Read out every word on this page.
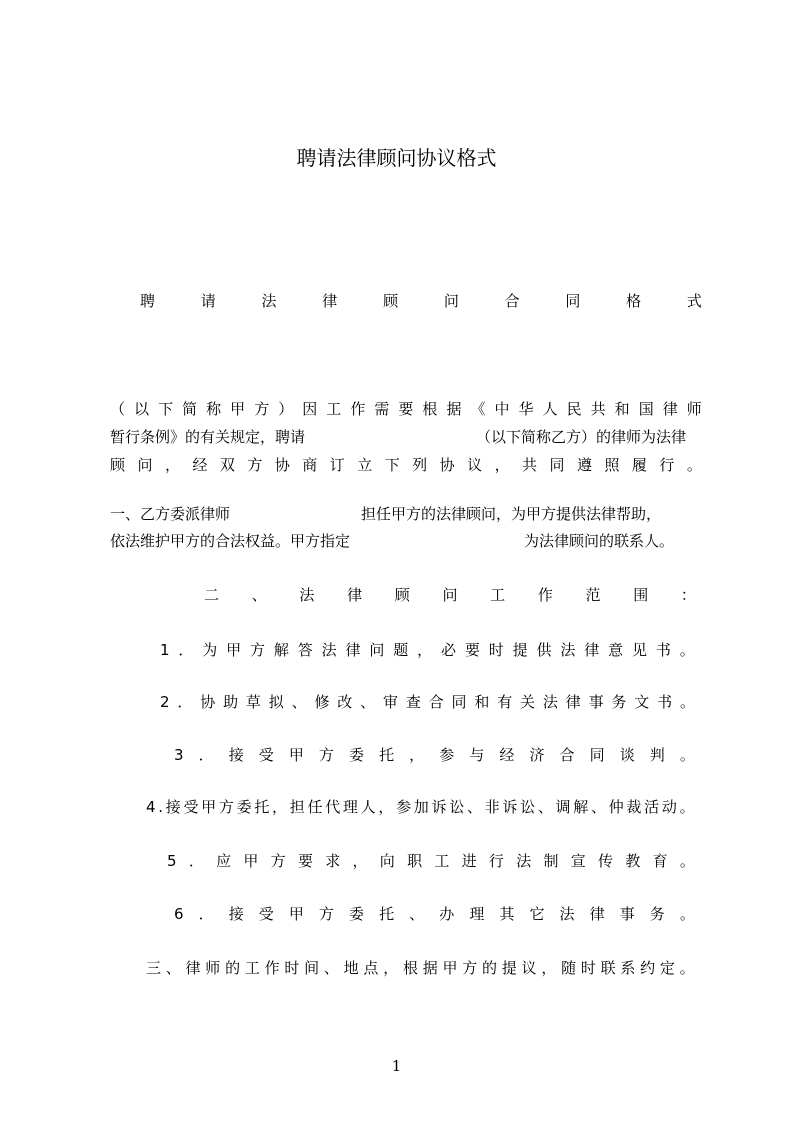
聘请法律顾问协议格式
聘	请	法	律	顾	问	合	同	格	式
（ 以 下 简 称 甲 方 ） 因 工 作 需 要 根 据 《 中 华 人 民 共 和 国 律 师
暂行条例》的有关规定，聘请	（以下简称乙方）的律师为法律
顾 问 ， 经 双 方 协 商 订 立 下 列 协 议 ， 共 同 遵 照 履 行 。
一、乙方委派律师	担任甲方的法律顾问，为甲方提供法律帮助，
依法维护甲方的合法权益。甲方指定	为法律顾问的联系人。
二 、 法 律 顾 问 工 作 范 围 ：
1 ． 为 甲 方 解 答 法 律 问 题 ， 必 要 时 提 供 法 律 意 见 书 。
2 ． 协 助 草 拟 、 修 改 、 审 查 合 同 和 有 关 法 律 事 务 文 书 。
3 ． 接 受 甲 方 委 托 ， 参 与 经 济 合 同 谈 判 。
4 . 接 受 甲 方 委 托 ， 担 任 代 理 人 ， 参 加 诉 讼 、 非 诉 讼 、 调 解 、 仲 裁 活 动 。
5 ． 应 甲 方 要 求 ， 向 职 工 进 行 法 制 宣 传 教 育 。
6 ． 接 受 甲 方 委 托 、 办 理 其 它 法 律 事 务 。
三 、 律 师 的 工 作 时 间 、 地 点 ， 根 据 甲 方 的 提 议 ， 随 时 联 系 约 定 。
1
